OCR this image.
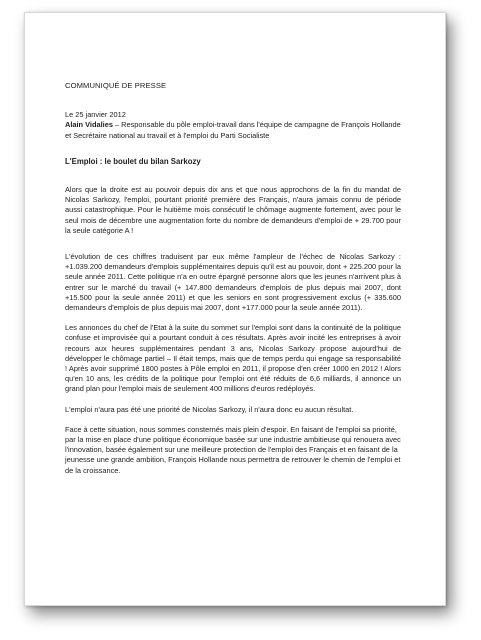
COMMUNIQUÉ DE PRESSE

Le 25 janvier 2012

Alain Vidalies – Responsable du pôle emploi-travail dans l'équipe de campagne de François Hollande et Secrétaire national au travail et à l'emploi du Parti Socialiste

L'Emploi : le boulet du bilan Sarkozy

Alors que la droite est au pouvoir depuis dix ans et que nous approchons de la fin du mandat de Nicolas Sarkozy, l'emploi, pourtant priorité première des Français, n'aura jamais connu de période aussi catastrophique. Pour le huitième mois consécutif le chômage augmente fortement, avec pour le seul mois de décembre une augmentation forte du nombre de demandeurs d'emploi de + 29.700 pour la seule catégorie A !

L'évolution de ces chiffres traduisent par eux même l'ampleur de l'échec de Nicolas Sarkozy : +1.039.200 demandeurs d'emplois supplémentaires depuis qu'il est au pouvoir, dont + 225.200 pour la seule année 2011. Cette politique n'a en outre épargné personne alors que les jeunes n'arrivent plus à entrer sur le marché du travail (+ 147.800 demandeurs d'emplois de plus depuis mai 2007, dont +15.500 pour la seule année 2011) et que les seniors en sont progressivement exclus (+ 335.600 demandeurs d'emplois de plus depuis mai 2007, dont +177.000 pour la seule année 2011).

Les annonces du chef de l'Etat à la suite du sommet sur l'emploi sont dans la continuité de la politique confuse et improvisée qui a pourtant conduit à ces résultats. Après avoir incité les entreprises à avoir recours aux heures supplémentaires pendant 3 ans, Nicolas Sarkozy propose aujourd'hui de développer le chômage partiel – Il était temps, mais que de temps perdu qui engage sa responsabilité ! Après avoir supprimé 1800 postes à Pôle emploi en 2011, il propose d'en créer 1000 en 2012 ! Alors qu'en 10 ans, les crédits de la politique pour l'emploi ont été réduits de 6,6 milliards, il annonce un grand plan pour l'emploi mais de seulement 400 millions d'euros redéployés.

L'emploi n'aura pas été une priorité de Nicolas Sarkozy, il n'aura donc eu aucun résultat.

Face à cette situation, nous sommes consternés mais plein d'espoir. En faisant de l'emploi sa priorité, par la mise en place d'une politique économique basée sur une industrie ambitieuse qui renouera avec l'innovation, basée également sur une meilleure protection de l'emploi des Français et en faisant de la jeunesse une grande ambition, François Hollande nous permettra de retrouver le chemin de l'emploi et de la croissance.
